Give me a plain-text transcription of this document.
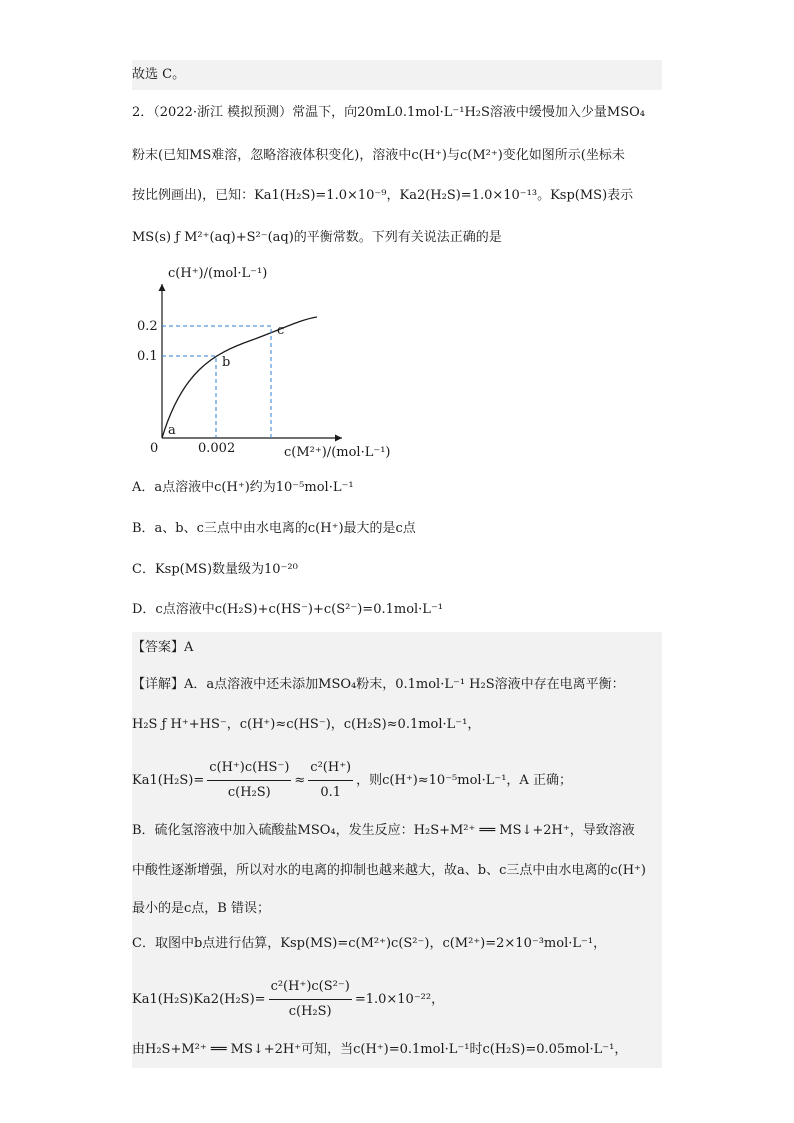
故选 C。
2．（2022·浙江 模拟预测）常温下，向20mL0.1mol·L⁻¹H₂S溶液中缓慢加入少量MSO₄
粉末(已知MS难溶，忽略溶液体积变化)，溶液中c(H⁺)与c(M²⁺)变化如图所示(坐标未
按比例画出)，已知：Ka1(H₂S)=1.0×10⁻⁹，Ka2(H₂S)=1.0×10⁻¹³。Ksp(MS)表示
MS(s) ƒ M²⁺(aq)+S²⁻(aq)的平衡常数。下列有关说法正确的是
c(H⁺)/(mol·L⁻¹)
c(M²⁺)/(mol·L⁻¹)
0
0.2
0.1
0.002
a
b
c
A．a点溶液中c(H⁺)约为10⁻⁵mol·L⁻¹
B．a、b、c三点中由水电离的c(H⁺)最大的是c点
C．Ksp(MS)数量级为10⁻²⁰
D．c点溶液中c(H₂S)+c(HS⁻)+c(S²⁻)=0.1mol·L⁻¹
【答案】A
【详解】A．a点溶液中还未添加MSO₄粉末，0.1mol·L⁻¹ H₂S溶液中存在电离平衡：
H₂S ƒ H⁺+HS⁻，c(H⁺)≈c(HS⁻)，c(H₂S)≈0.1mol·L⁻¹，
$Ka1(H_2S)= \frac{c(H^+)c(HS^-)}{\text{c(H₂S)}} \approx \frac{\text{c²(H⁺)}}{0.1}$ ，则c(H⁺)≈10⁻⁵mol·L⁻¹，A 正确；
B．硫化氢溶液中加入硫酸盐MSO₄，发生反应：H₂S+M²⁺ ══ MS↓+2H⁺，导致溶液
中酸性逐渐增强，所以对水的电离的抑制也越来越大，故a、b、c三点中由水电离的c(H⁺)
最小的是c点，B 错误；
C．取图中b点进行估算，Ksp(MS)=c(M²⁺)c(S²⁻)，c(M²⁺)=2×10⁻³mol·L⁻¹，
$Ka1(H_2S)Ka2(H_2S)= \frac{\text{c²(H⁺)c(S²⁻)}}{\text{c(H₂S)}} =1.0\times 10^{-22}$，
由H₂S+M²⁺ ══ MS↓+2H⁺可知，当c(H⁺)=0.1mol·L⁻¹时c(H₂S)=0.05mol·L⁻¹，
